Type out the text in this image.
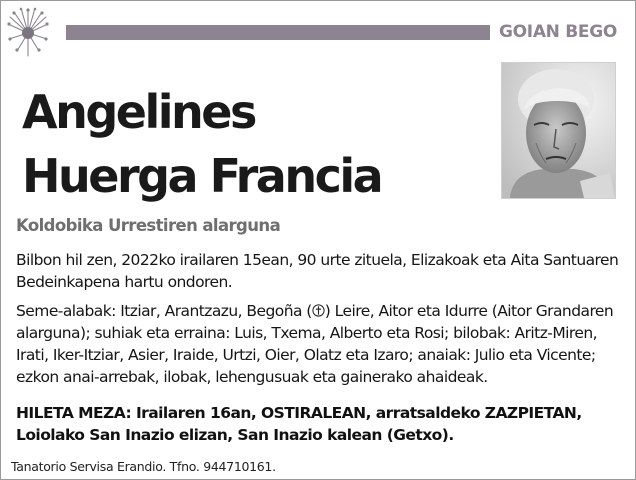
GOIAN BEGO
Angelines
Huerga Francia
Koldobika Urrestiren alarguna
Bilbon hil zen, 2022ko irailaren 15ean, 90 urte zituela, Elizakoak eta Aita Santuaren Bedeinkapena hartu ondoren.
Seme-alabak: Itziar, Arantzazu, Begoña ( ) Leire, Aitor eta Idurre (Aitor Grandaren alarguna); suhiak eta erraina: Luis, Txema, Alberto eta Rosi; bilobak: Aritz-Miren, Irati, Iker-Itziar, Asier, Iraide, Urtzi, Oier, Olatz eta Izaro; anaiak: Julio eta Vicente; ezkon anai-arrebak, ilobak, lehengusuak eta gainerako ahaideak.
HILETA MEZA: Irailaren 16an, OSTIRALEAN, arratsaldeko ZAZPIETAN, Loiolako San Inazio elizan, San Inazio kalean (Getxo).
Tanatorio Servisa Erandio. Tfno. 944710161.
